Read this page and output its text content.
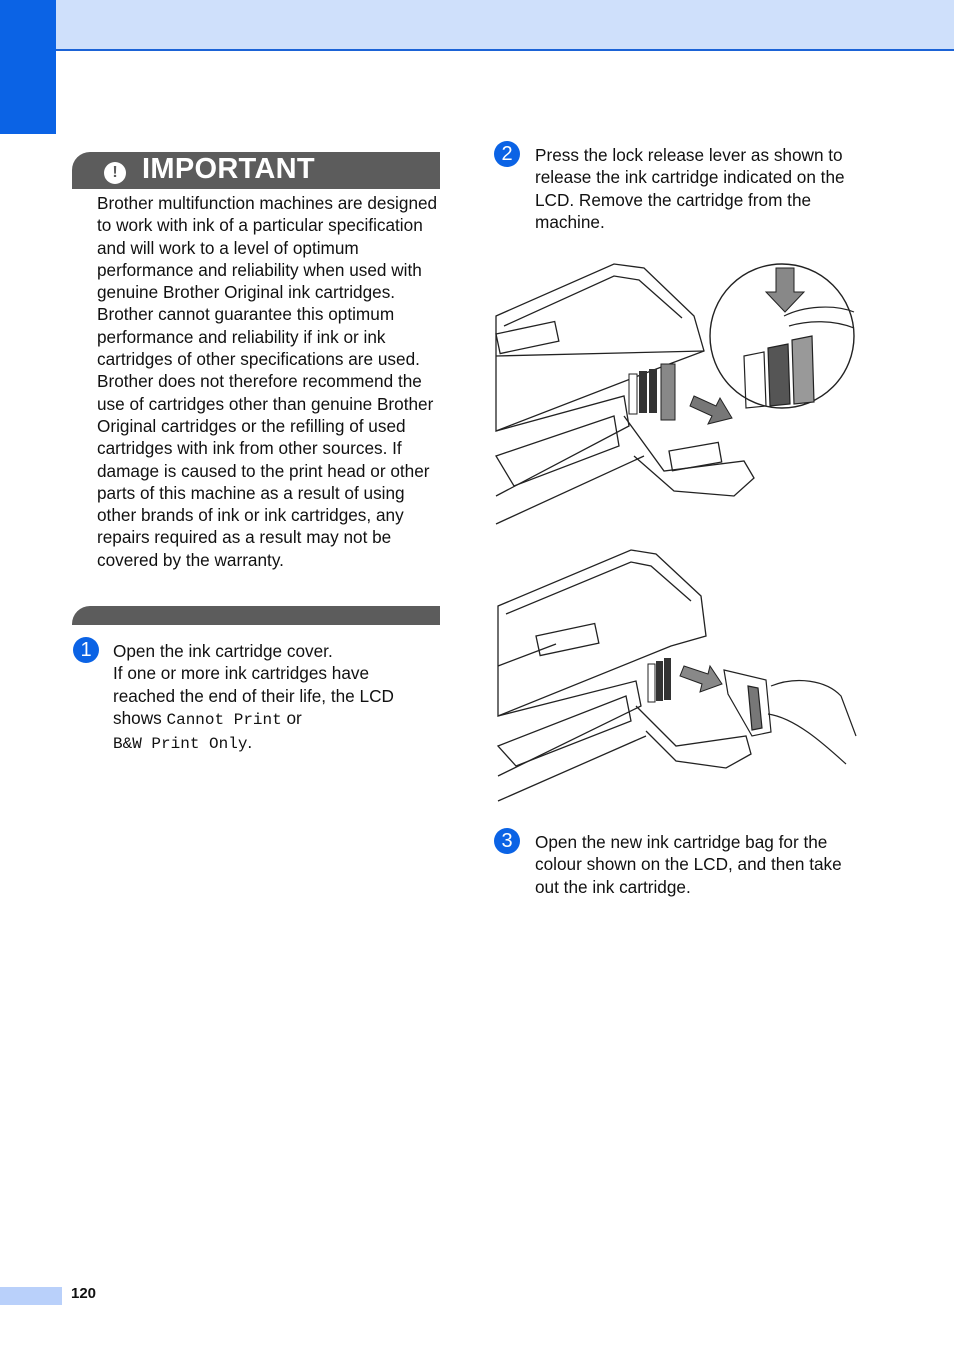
! IMPORTANT
Brother multifunction machines are designed to work with ink of a particular specification and will work to a level of optimum performance and reliability when used with genuine Brother Original ink cartridges. Brother cannot guarantee this optimum performance and reliability if ink or ink cartridges of other specifications are used. Brother does not therefore recommend the use of cartridges other than genuine Brother Original cartridges or the refilling of used cartridges with ink from other sources. If damage is caused to the print head or other parts of this machine as a result of using other brands of ink or ink cartridges, any repairs required as a result may not be covered by the warranty.
1	Open the ink cartridge cover.
If one or more ink cartridges have reached the end of their life, the LCD shows Cannot Print or
B&W Print Only.
2	Press the lock release lever as shown to release the ink cartridge indicated on the LCD. Remove the cartridge from the machine.
3	Open the new ink cartridge bag for the colour shown on the LCD, and then take out the ink cartridge.
120
